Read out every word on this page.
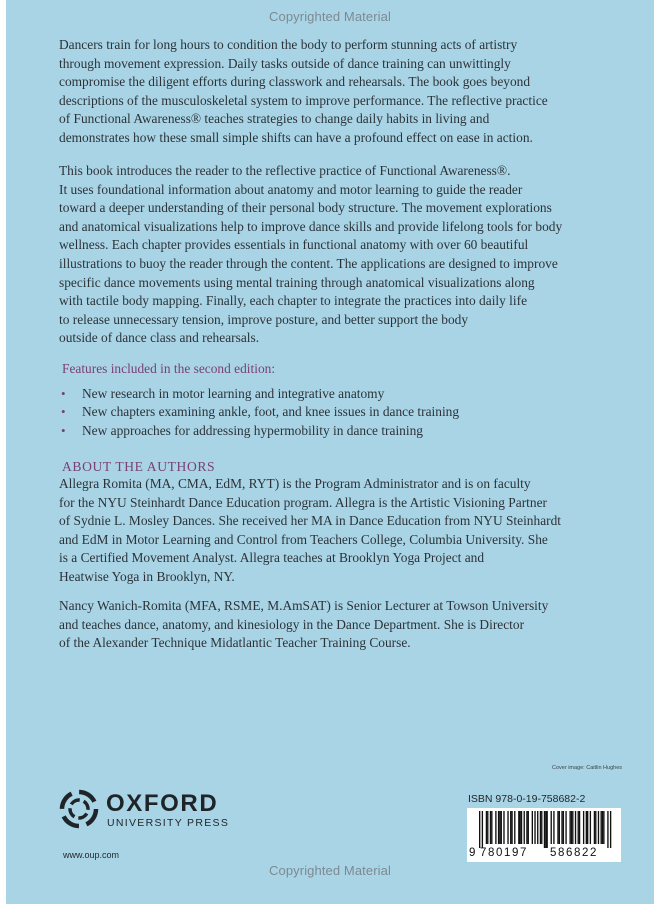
Copyrighted Material

Dancers train for long hours to condition the body to perform stunning acts of artistry

through movement expression. Daily tasks outside of dance training can unwittingly

compromise the diligent efforts during classwork and rehearsals. The book goes beyond

descriptions of the musculoskeletal system to improve performance. The reflective practice

of Functional Awareness® teaches strategies to change daily habits in living and

demonstrates how these small simple shifts can have a profound effect on ease in action.

This book introduces the reader to the reflective practice of Functional Awareness®.

It uses foundational information about anatomy and motor learning to guide the reader

toward a deeper understanding of their personal body structure. The movement explorations

and anatomical visualizations help to improve dance skills and provide lifelong tools for body

wellness. Each chapter provides essentials in functional anatomy with over 60 beautiful

illustrations to buoy the reader through the content. The applications are designed to improve

specific dance movements using mental training through anatomical visualizations along

with tactile body mapping. Finally, each chapter to integrate the practices into daily life

to release unnecessary tension, improve posture, and better support the body

outside of dance class and rehearsals.

Features included in the second edition:
• New research in motor learning and integrative anatomy
• New chapters examining ankle, foot, and knee issues in dance training
• New approaches for addressing hypermobility in dance training
ABOUT THE AUTHORS

Allegra Romita (MA, CMA, EdM, RYT) is the Program Administrator and is on faculty

for the NYU Steinhardt Dance Education program. Allegra is the Artistic Visioning Partner

of Sydnie L. Mosley Dances. She received her MA in Dance Education from NYU Steinhardt

and EdM in Motor Learning and Control from Teachers College, Columbia University. She

is a Certified Movement Analyst. Allegra teaches at Brooklyn Yoga Project and

Heatwise Yoga in Brooklyn, NY.

Nancy Wanich-Romita (MFA, RSME, M.AmSAT) is Senior Lecturer at Towson University

and teaches dance, anatomy, and kinesiology in the Dance Department. She is Director

of the Alexander Technique Midatlantic Teacher Training Course.

Cover image: Caitlin Hughes
OXFORD
UNIVERSITY PRESS
www.oup.com
ISBN 978-0-19-758682-2
9 780197 586822
Copyrighted Material
